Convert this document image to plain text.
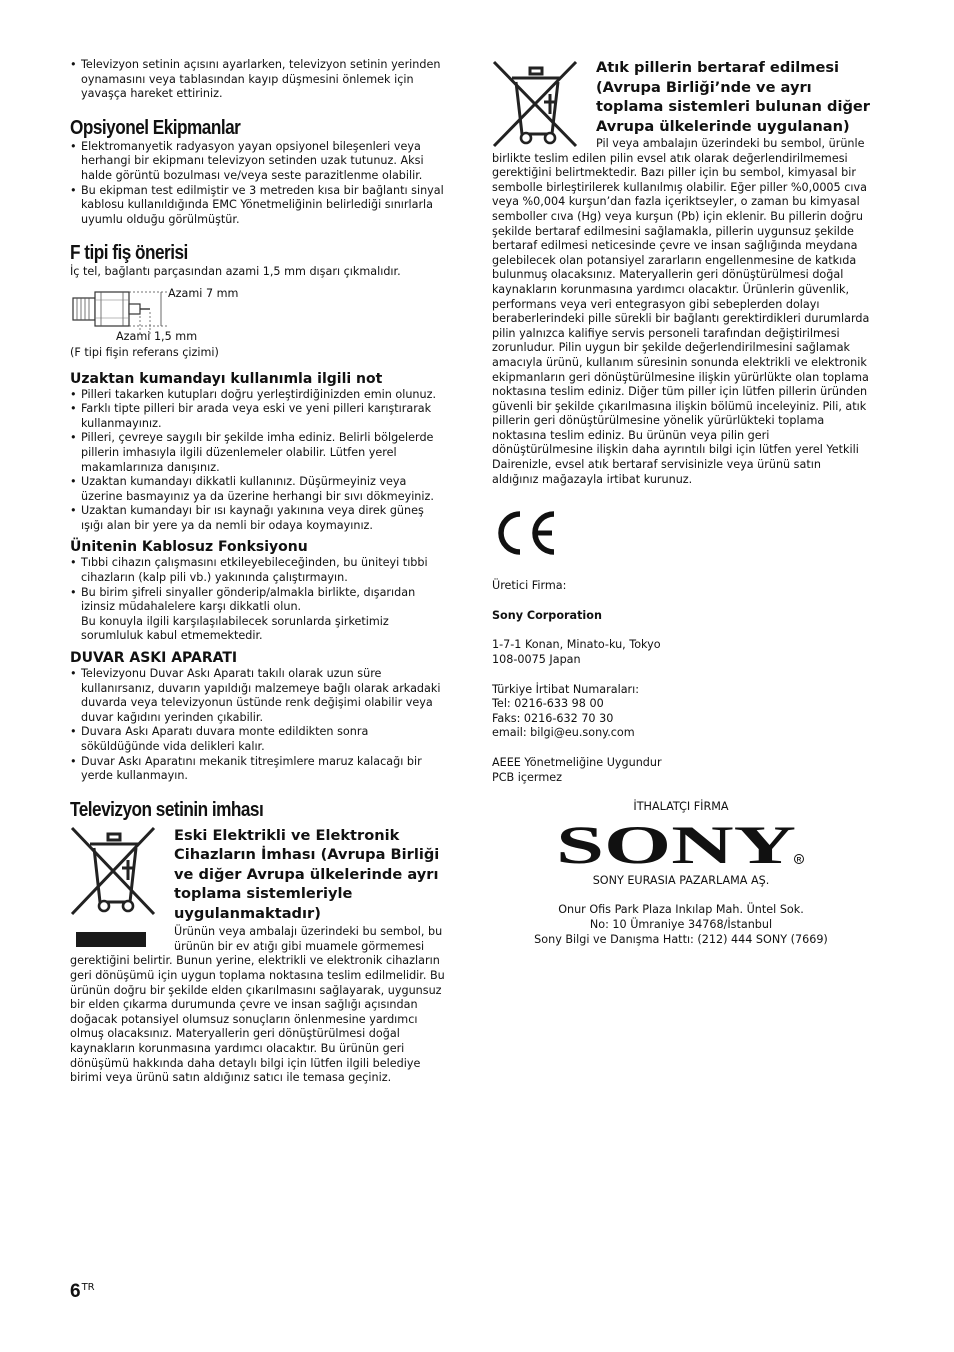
• Televizyon setinin açısını ayarlarken, televizyon setinin yerinden oynamasını veya tablasından kayıp düşmesini önlemek için yavaşça hareket ettiriniz.
Opsiyonel Ekipmanlar
• Elektromanyetik radyasyon yayan opsiyonel bileşenleri veya herhangi bir ekipmanı televizyon setinden uzak tutunuz. Aksi halde görüntü bozulması ve/veya seste parazitlenme olabilir.
• Bu ekipman test edilmiştir ve 3 metreden kısa bir bağlantı sinyal kablosu kullanıldığında EMC Yönetmeliğinin belirlediği sınırlarla uyumlu olduğu görülmüştür.
F tipi fiş önerisi

İç tel, bağlantı parçasından azami 1,5 mm dışarı çıkmalıdır.

Azami 7 mm
Azami 1,5 mm

(F tipi fişin referans çizimi)

Uzaktan kumandayı kullanımla ilgili not
• Pilleri takarken kutupları doğru yerleştirdiğinizden emin olunuz.
• Farklı tipte pilleri bir arada veya eski ve yeni pilleri karıştırarak kullanmayınız.
• Pilleri, çevreye saygılı bir şekilde imha ediniz. Belirli bölgelerde pillerin imhasıyla ilgili düzenlemeler olabilir. Lütfen yerel makamlarınıza danışınız.
• Uzaktan kumandayı dikkatli kullanınız. Düşürmeyiniz veya üzerine basmayınız ya da üzerine herhangi bir sıvı dökmeyiniz.
• Uzaktan kumandayı bir ısı kaynağı yakınına veya direk güneş ışığı alan bir yere ya da nemli bir odaya koymayınız.
Ünitenin Kablosuz Fonksiyonu
• Tıbbi cihazın çalışmasını etkileyebileceğinden, bu üniteyi tıbbi cihazların (kalp pili vb.) yakınında çalıştırmayın.
• Bu birim şifreli sinyaller gönderip/almakla birlikte, dışarıdan izinsiz müdahalelere karşı dikkatli olun.
Bu konuyla ilgili karşılaşılabilecek sorunlarda şirketimiz sorumluluk kabul etmemektedir.
DUVAR ASKI APARATI
• Televizyonu Duvar Askı Aparatı takılı olarak uzun süre kullanırsanız, duvarın yapıldığı malzemeye bağlı olarak arkadaki duvarda veya televizyonun üstünde renk değişimi olabilir veya duvar kağıdını yerinden çıkabilir.
• Duvara Askı Aparatı duvara monte edildikten sonra söküldüğünde vida delikleri kalır.
• Duvar Askı Aparatını mekanik titreşimlere maruz kalacağı bir yerde kullanmayın.
Televizyon setinin imhası
Eski Elektrikli ve Elektronik Cihazların İmhası (Avrupa Birliği ve diğer Avrupa ülkelerinde ayrı toplama sistemleriyle uygulanmaktadır)

Ürünün veya ambalajı üzerindeki bu sembol, bu ürünün bir ev atığı gibi muamele görmemesi gerektiğini belirtir. Bunun yerine, elektrikli ve elektronik cihazların geri dönüşümü için uygun toplama noktasına teslim edilmelidir. Bu ürünün doğru bir şekilde elden çıkarılmasını sağlayarak, uygunsuz bir elden çıkarma durumunda çevre ve insan sağlığı açısından doğacak potansiyel olumsuz sonuçların önlenmesine yardımcı olmuş olacaksınız. Materyallerin geri dönüştürülmesi doğal kaynakların korunmasına yardımcı olacaktır. Bu ürünün geri dönüşümü hakkında daha detaylı bilgi için lütfen ilgili belediye birimi veya ürünü satın aldığınız satıcı ile temasa geçiniz.

Atık pillerin bertaraf edilmesi (Avrupa Birliği’nde ve ayrı toplama sistemleri bulunan diğer Avrupa ülkelerinde uygulanan)

Pil veya ambalajın üzerindeki bu sembol, ürünle birlikte teslim edilen pilin evsel atık olarak değerlendirilmemesi gerektiğini belirtmektedir. Bazı piller için bu sembol, kimyasal bir sembolle birleştirilerek kullanılmış olabilir. Eğer piller %0,0005 cıva veya %0,004 kurşun’dan fazla içeriktseyler, o zaman bu kimyasal semboller cıva (Hg) veya kurşun (Pb) için eklenir. Bu pillerin doğru şekilde bertaraf edilmesini sağlamakla, pillerin uygunsuz şekilde bertaraf edilmesi neticesinde çevre ve insan sağlığında meydana gelebilecek olan potansiyel zararların engellenmesine de katkıda bulunmuş olacaksınız. Materyallerin geri dönüştürülmesi doğal kaynakların korunmasına yardımcı olacaktır. Ürünlerin güvenlik, performans veya veri entegrasyon gibi sebeplerden dolayı beraberlerindeki pille sürekli bir bağlantı gerektirdikleri durumlarda pilin yalnızca kalifiye servis personeli tarafından değiştirilmesi zorunludur. Pilin uygun bir şekilde değerlendirilmesini sağlamak amacıyla ürünü, kullanım süresinin sonunda elektrikli ve elektronik ekipmanların geri dönüştürülmesine ilişkin yürürlükte olan toplama noktasına teslim ediniz. Diğer tüm piller için lütfen pillerin üründen güvenli bir şekilde çıkarılmasına ilişkin bölümü inceleyiniz. Pili, atık pillerin geri dönüştürülmesine yönelik yürürlükteki toplama noktasına teslim ediniz. Bu ürünün veya pilin geri dönüştürülmesine ilişkin daha ayrıntılı bilgi için lütfen yerel Yetkili Dairenizle, evsel atık bertaraf servisinizle veya ürünü satın aldığınız mağazayla irtibat kurunuz.

Üretici Firma:

Sony Corporation

1-7-1 Konan, Minato-ku, Tokyo

108-0075 Japan

Türkiye İrtibat Numaraları:

Tel: 0216-633 98 00

Faks: 0216-632 70 30

email: bilgi@eu.sony.com

AEEE Yönetmeliğine Uygundur

PCB içermez

İTHALATÇI FİRMA

SONY R

SONY EURASIA PAZARLAMA AŞ.

Onur Ofis Park Plaza Inkılap Mah. Üntel Sok.

No: 10 Ümraniye 34768/İstanbul

Sony Bilgi ve Danışma Hattı: (212) 444 SONY (7669)

$6^{TR}$
